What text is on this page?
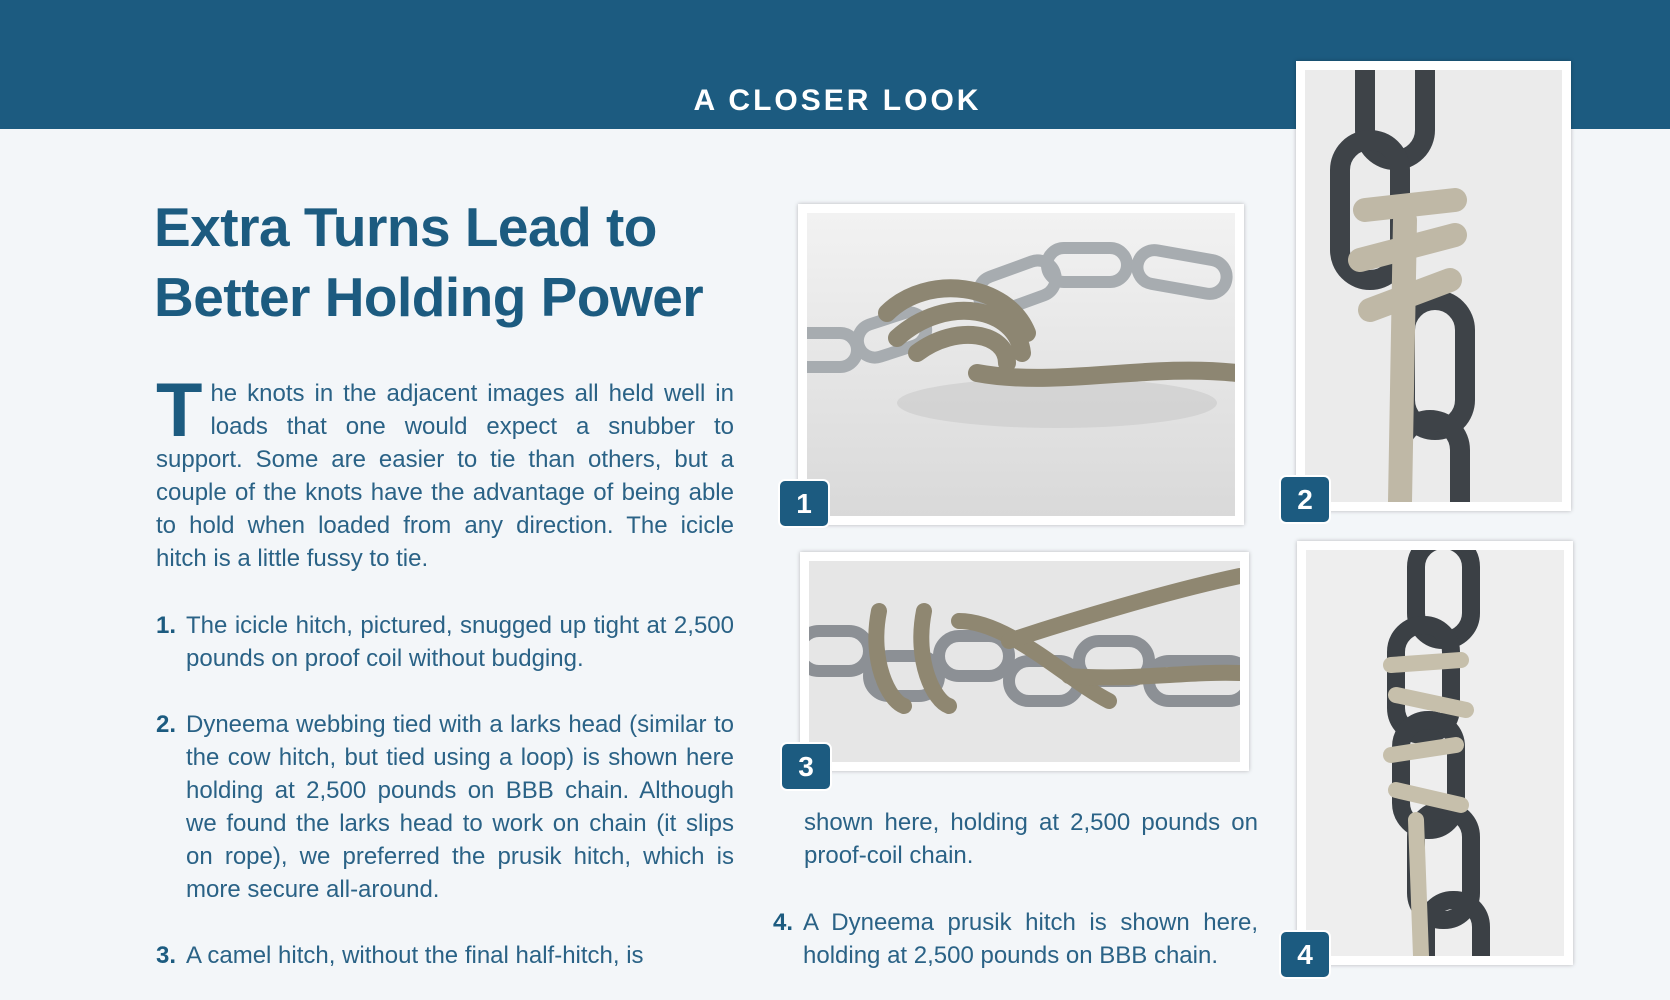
A CLOSER LOOK
Extra Turns Lead to
Better Holding Power
The knots in the adjacent images all held well in loads that one would expect a snubber to support. Some are easier to tie than others, but a couple of the knots have the advantage of being able to hold when loaded from any direction. The icicle hitch is a little fussy to tie.
1. The icicle hitch, pictured, snugged up tight at 2,500 pounds on proof coil without budging.
2. Dyneema webbing tied with a larks head (similar to the cow hitch, but tied using a loop) is shown here holding at 2,500 pounds on BBB chain. Although we found the larks head to work on chain (it slips on rope), we preferred the prusik hitch, which is more secure all-around.
3. A camel hitch, without the final half-hitch, is
shown here, holding at 2,500 pounds on proof-coil chain.
4. A Dyneema prusik hitch is shown here, holding at 2,500 pounds on BBB chain.
1	2
3
4
